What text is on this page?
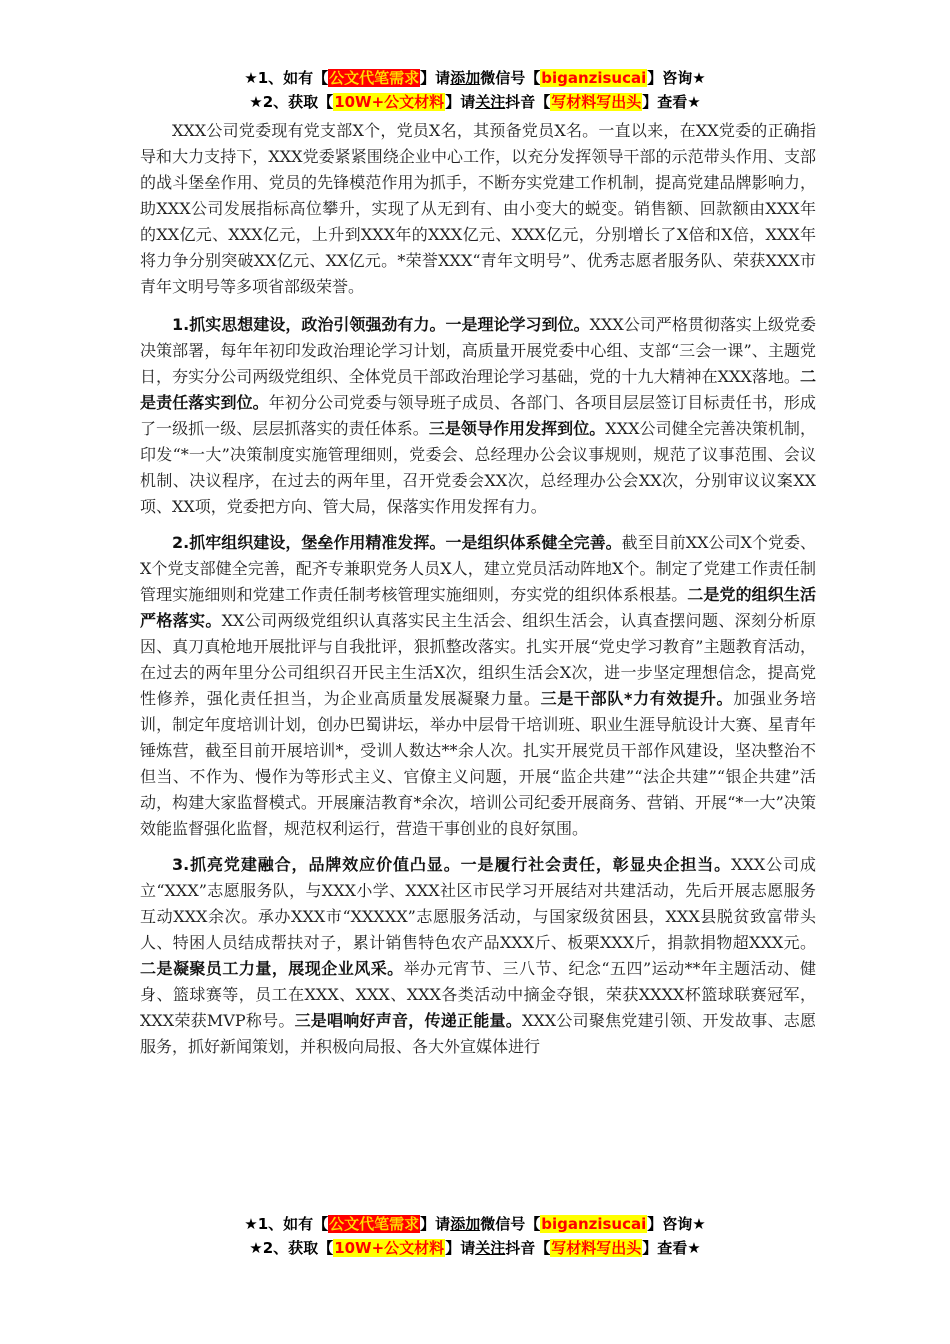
★1、如有【公文代笔需求】请添加微信号【biganzisucai】咨询★
★2、获取【10W+公文材料】请关注抖音【写材料写出头】查看★

XXX公司党委现有党支部X个，党员X名，其预备党员X名。一直以来，在XX党委的正确指导和大力支持下，XXX党委紧紧围绕企业中心工作，以充分发挥领导干部的示范带头作用、支部的战斗堡垒作用、党员的先锋模范作用为抓手，不断夯实党建工作机制，提高党建品牌影响力，助XXX公司发展指标高位攀升，实现了从无到有、由小变大的蜕变。销售额、回款额由XXX年的XX亿元、XXX亿元，上升到XXX年的XXX亿元、XXX亿元，分别增长了X倍和X倍，XXX年将力争分别突破XX亿元、XX亿元。*荣誉XXX“青年文明号”、优秀志愿者服务队、荣获XXX市青年文明号等多项省部级荣誉。

1.抓实思想建设，政治引领强劲有力。一是理论学习到位。XXX公司严格贯彻落实上级党委决策部署，每年年初印发政治理论学习计划，高质量开展党委中心组、支部“三会一课”、主题党日，夯实分公司两级党组织、全体党员干部政治理论学习基础，党的十九大精神在XXX落地。二是责任落实到位。年初分公司党委与领导班子成员、各部门、各项目层层签订目标责任书，形成了一级抓一级、层层抓落实的责任体系。三是领导作用发挥到位。XXX公司健全完善决策机制，印发“*一大”决策制度实施管理细则，党委会、总经理办公会议事规则，规范了议事范围、会议机制、决议程序，在过去的两年里，召开党委会XX次，总经理办公会XX次，分别审议议案XX项、XX项，党委把方向、管大局，保落实作用发挥有力。

2.抓牢组织建设，堡垒作用精准发挥。一是组织体系健全完善。截至目前XX公司X个党委、X个党支部健全完善，配齐专兼职党务人员X人，建立党员活动阵地X个。制定了党建工作责任制管理实施细则和党建工作责任制考核管理实施细则，夯实党的组织体系根基。二是党的组织生活严格落实。XX公司两级党组织认真落实民主生活会、组织生活会，认真查摆问题、深刻分析原因、真刀真枪地开展批评与自我批评，狠抓整改落实。扎实开展“党史学习教育”主题教育活动，在过去的两年里分公司组织召开民主生活X次，组织生活会X次，进一步坚定理想信念，提高党性修养，强化责任担当，为企业高质量发展凝聚力量。三是干部队*力有效提升。加强业务培训，制定年度培训计划，创办巴蜀讲坛，举办中层骨干培训班、职业生涯导航设计大赛、星青年锤炼营，截至目前开展培训*，受训人数达**余人次。扎实开展党员干部作风建设，坚决整治不但当、不作为、慢作为等形式主义、官僚主义问题，开展“监企共建”“法企共建”“银企共建”活动，构建大家监督模式。开展廉洁教育*余次，培训公司纪委开展商务、营销、开展“*一大”决策效能监督强化监督，规范权利运行，营造干事创业的良好氛围。

3.抓亮党建融合，品牌效应价值凸显。一是履行社会责任，彰显央企担当。XXX公司成立“XXX”志愿服务队，与XXX小学、XXX社区市民学习开展结对共建活动，先后开展志愿服务互动XXX余次。承办XXX市“XXXXX”志愿服务活动，与国家级贫困县，XXX县脱贫致富带头人、特困人员结成帮扶对子，累计销售特色农产品XXX斤、板栗XXX斤，捐款捐物超XXX元。二是凝聚员工力量，展现企业风采。举办元宵节、三八节、纪念“五四”运动**年主题活动、健身、篮球赛等，员工在XXX、XXX、XXX各类活动中摘金夺银，荣获XXXX杯篮球联赛冠军，XXX荣获MVP称号。三是唱响好声音，传递正能量。XXX公司聚焦党建引领、开发故事、志愿服务，抓好新闻策划，并积极向局报、各大外宣媒体进行

★1、如有【公文代笔需求】请添加微信号【biganzisucai】咨询★
★2、获取【10W+公文材料】请关注抖音【写材料写出头】查看★
